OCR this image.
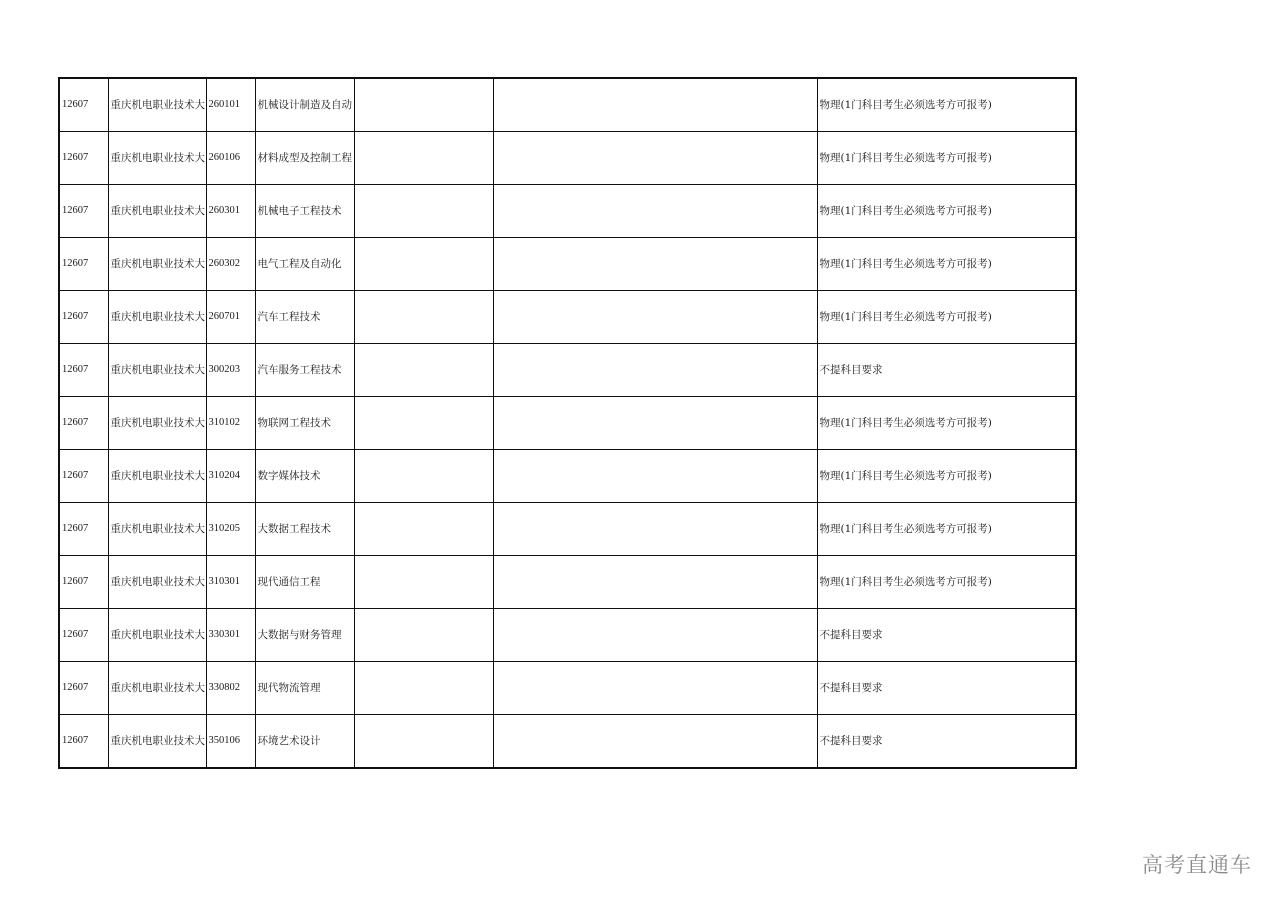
12607	重庆机电职业技术大	260101	机械设计制造及自动			物理(1门科目考生必须选考方可报考)
12607	重庆机电职业技术大	260106	材料成型及控制工程			物理(1门科目考生必须选考方可报考)
12607	重庆机电职业技术大	260301	机械电子工程技术			物理(1门科目考生必须选考方可报考)
12607	重庆机电职业技术大	260302	电气工程及自动化			物理(1门科目考生必须选考方可报考)
12607	重庆机电职业技术大	260701	汽车工程技术			物理(1门科目考生必须选考方可报考)
12607	重庆机电职业技术大	300203	汽车服务工程技术			不提科目要求
12607	重庆机电职业技术大	310102	物联网工程技术			物理(1门科目考生必须选考方可报考)
12607	重庆机电职业技术大	310204	数字媒体技术			物理(1门科目考生必须选考方可报考)
12607	重庆机电职业技术大	310205	大数据工程技术			物理(1门科目考生必须选考方可报考)
12607	重庆机电职业技术大	310301	现代通信工程			物理(1门科目考生必须选考方可报考)
12607	重庆机电职业技术大	330301	大数据与财务管理			不提科目要求
12607	重庆机电职业技术大	330802	现代物流管理			不提科目要求
12607	重庆机电职业技术大	350106	环境艺术设计			不提科目要求
高考直通车
